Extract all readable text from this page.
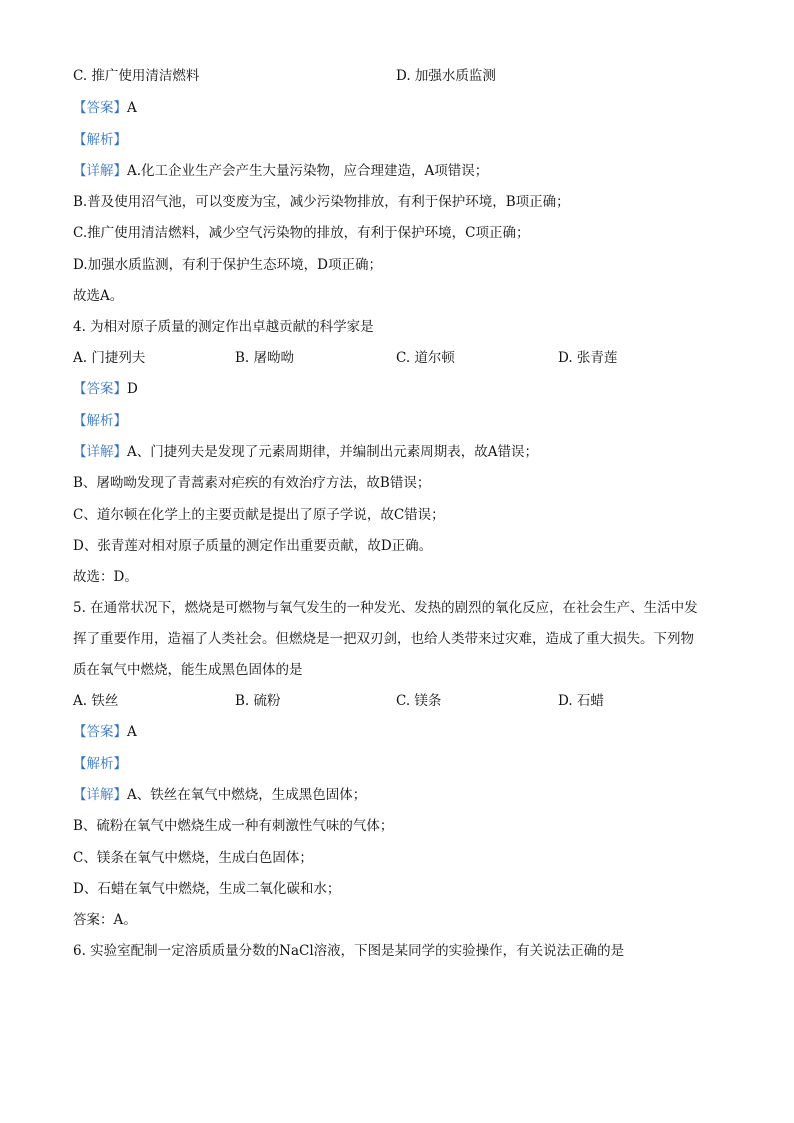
C. 推广使用清洁燃料	D. 加强水质监测
【答案】A
【解析】
【详解】A.化工企业生产会产生大量污染物，应合理建造，A项错误；
B.普及使用沼气池，可以变废为宝，减少污染物排放，有利于保护环境，B项正确；
C.推广使用清洁燃料，减少空气污染物的排放，有利于保护环境，C项正确；
D.加强水质监测，有利于保护生态环境，D项正确；
故选A。
4. 为相对原子质量的测定作出卓越贡献的科学家是
A. 门捷列夫	B. 屠呦呦	C. 道尔顿	D. 张青莲
【答案】D
【解析】
【详解】A、门捷列夫是发现了元素周期律，并编制出元素周期表，故A错误；
B、屠呦呦发现了青蒿素对疟疾的有效治疗方法，故B错误；
C、道尔顿在化学上的主要贡献是提出了原子学说，故C错误；
D、张青莲对相对原子质量的测定作出重要贡献，故D正确。
故选：D。
5. 在通常状况下，燃烧是可燃物与氧气发生的一种发光、发热的剧烈的氧化反应，在社会生产、生活中发
挥了重要作用，造福了人类社会。但燃烧是一把双刃剑，也给人类带来过灾难，造成了重大损失。下列物
质在氧气中燃烧，能生成黑色固体的是
A. 铁丝	B. 硫粉	C. 镁条	D. 石蜡
【答案】A
【解析】
【详解】A、铁丝在氧气中燃烧，生成黑色固体；
B、硫粉在氧气中燃烧生成一种有刺激性气味的气体；
C、镁条在氧气中燃烧，生成白色固体；
D、石蜡在氧气中燃烧，生成二氧化碳和水；
答案：A。
6. 实验室配制一定溶质质量分数的NaCl溶液，下图是某同学的实验操作，有关说法正确的是
